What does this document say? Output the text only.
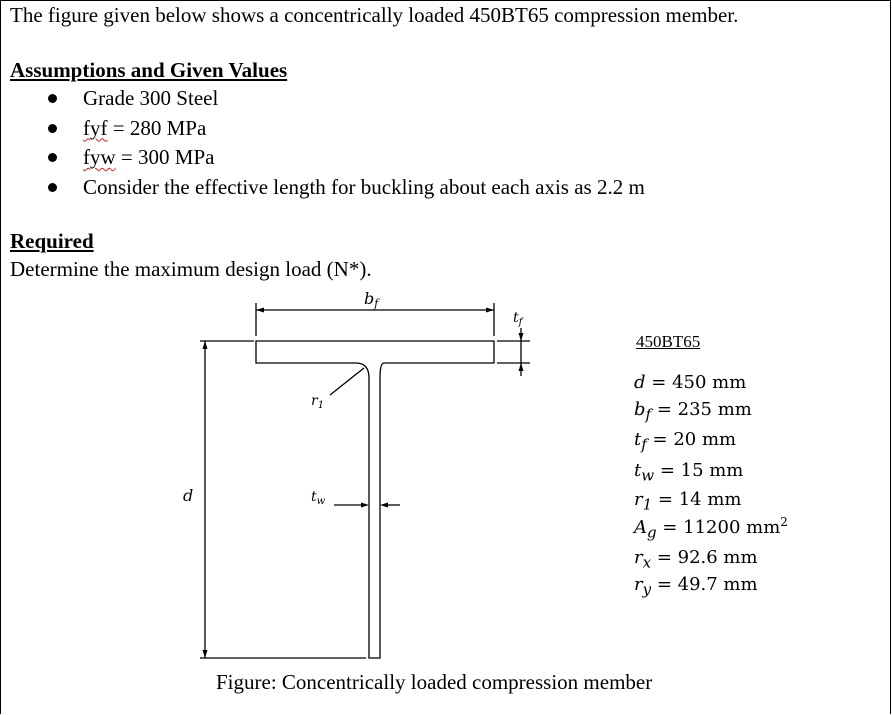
The figure given below shows a concentrically loaded 450BT65 compression member.
Assumptions and Given Values
Grade 300 Steel
fyf = 280 MPa
fyw = 300 MPa
Consider the effective length for buckling about each axis as 2.2 m
Required
Determine the maximum design load (N*).
bf
$t_f$
$r_1$
d	$t_w$
450BT65
d = 450 mm
$b_f = 235$ mm
$t_f = 20$ mm
$t_w = 15$ mm
$r_1 = 14$ mm
$A_g = 11200$ $mm^2$
$r_x = 92.6$ mm
$r_y = 49.7$ mm
Figure: Concentrically loaded compression member
